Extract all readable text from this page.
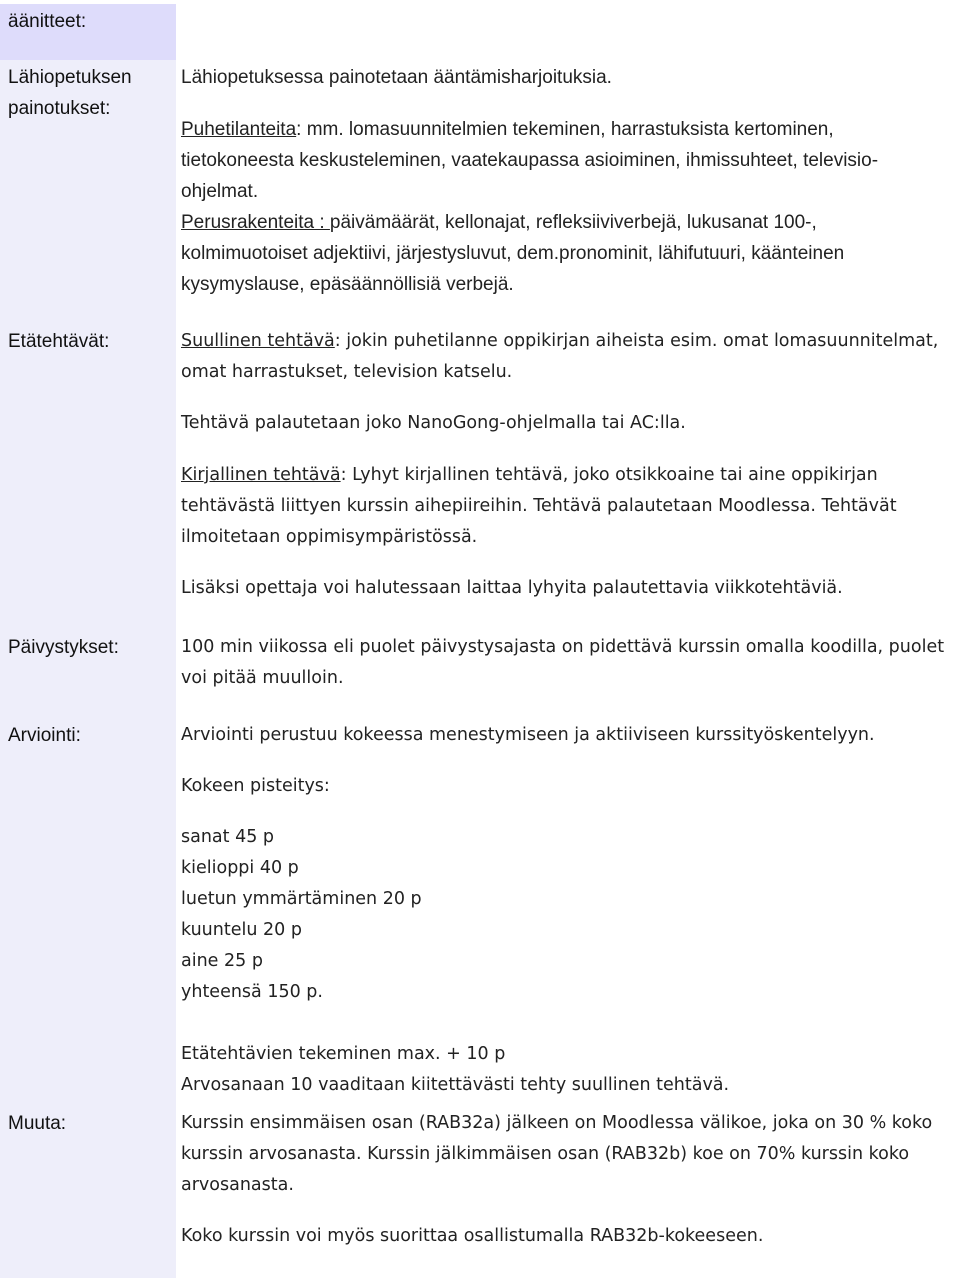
äänitteet:
Lähiopetuksen
painotukset:
Etätehtävät:
Päivystykset:
Arviointi:
Muuta:
Lähiopetuksessa painotetaan ääntämisharjoituksia.
Puhetilanteita: mm. lomasuunnitelmien tekeminen, harrastuksista kertominen,
tietokoneesta keskusteleminen, vaatekaupassa asioiminen, ihmissuhteet, televisio-
ohjelmat.
Perusrakenteita : päivämäärät, kellonajat, refleksiiviverbejä, lukusanat 100-,
kolmimuotoiset adjektiivi, järjestysluvut, dem.pronominit, lähifutuuri, käänteinen
kysymyslause, epäsäännöllisiä verbejä.
Suullinen tehtävä: jokin puhetilanne oppikirjan aiheista esim. omat lomasuunnitelmat,
omat harrastukset, television katselu.
Tehtävä palautetaan joko NanoGong-ohjelmalla tai AC:lla.
Kirjallinen tehtävä: Lyhyt kirjallinen tehtävä, joko otsikkoaine tai aine oppikirjan
tehtävästä liittyen kurssin aihepiireihin. Tehtävä palautetaan Moodlessa. Tehtävät
ilmoitetaan oppimisympäristössä.
Lisäksi opettaja voi halutessaan laittaa lyhyita palautettavia viikkotehtäviä.
100 min viikossa eli puolet päivystysajasta on pidettävä kurssin omalla koodilla, puolet
voi pitää muulloin.
Arviointi perustuu kokeessa menestymiseen ja aktiiviseen kurssityöskentelyyn.
Kokeen pisteitys:
sanat 45 p
kielioppi 40 p
luetun ymmärtäminen 20 p
kuuntelu 20 p
aine 25 p
yhteensä 150 p.
Etätehtävien tekeminen max. + 10 p
Arvosanaan 10 vaaditaan kiitettävästi tehty suullinen tehtävä.
Kurssin ensimmäisen osan (RAB32a) jälkeen on Moodlessa välikoe, joka on 30 % koko
kurssin arvosanasta. Kurssin jälkimmäisen osan (RAB32b) koe on 70% kurssin koko
arvosanasta.
Koko kurssin voi myös suorittaa osallistumalla RAB32b-kokeeseen.
